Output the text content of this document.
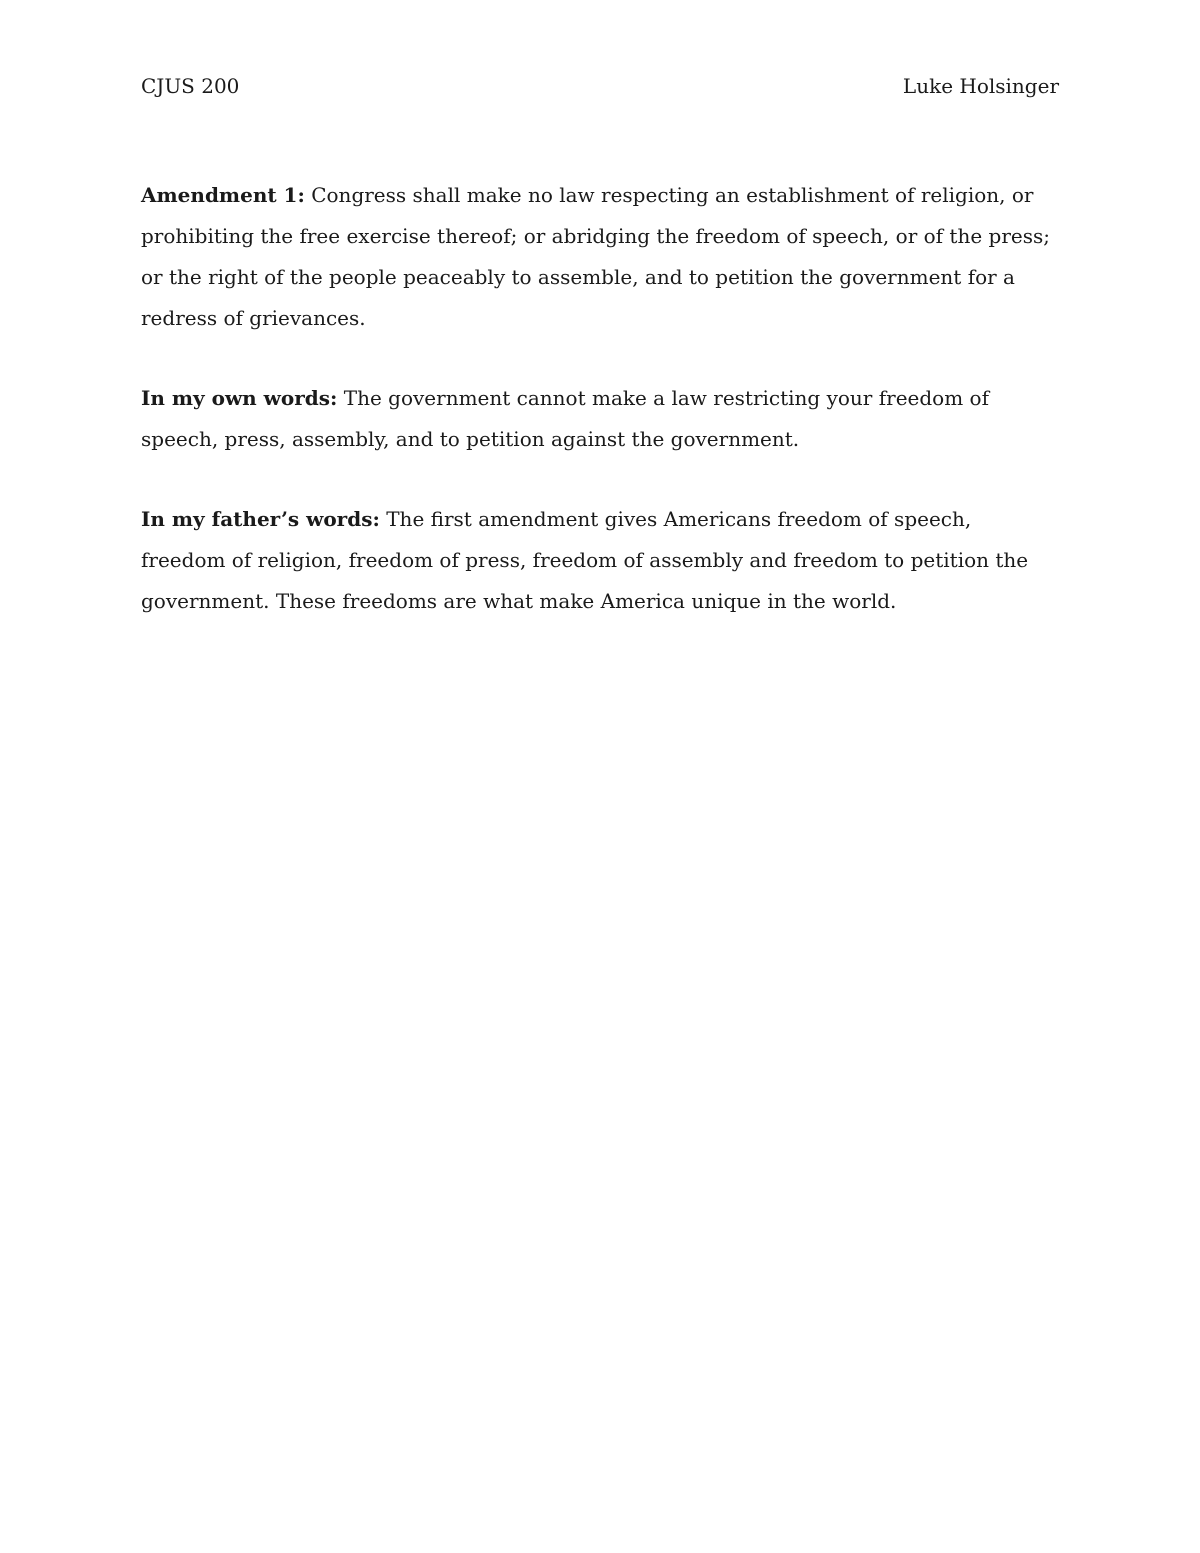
CJUS 200	Luke Holsinger

Amendment 1: Congress shall make no law respecting an establishment of religion, or prohibiting the free exercise thereof; or abridging the freedom of speech, or of the press; or the right of the people peaceably to assemble, and to petition the government for a redress of grievances.

In my own words: The government cannot make a law restricting your freedom of speech, press, assembly, and to petition against the government.

In my father’s words: The first amendment gives Americans freedom of speech, freedom of religion, freedom of press, freedom of assembly and freedom to petition the government. These freedoms are what make America unique in the world.
